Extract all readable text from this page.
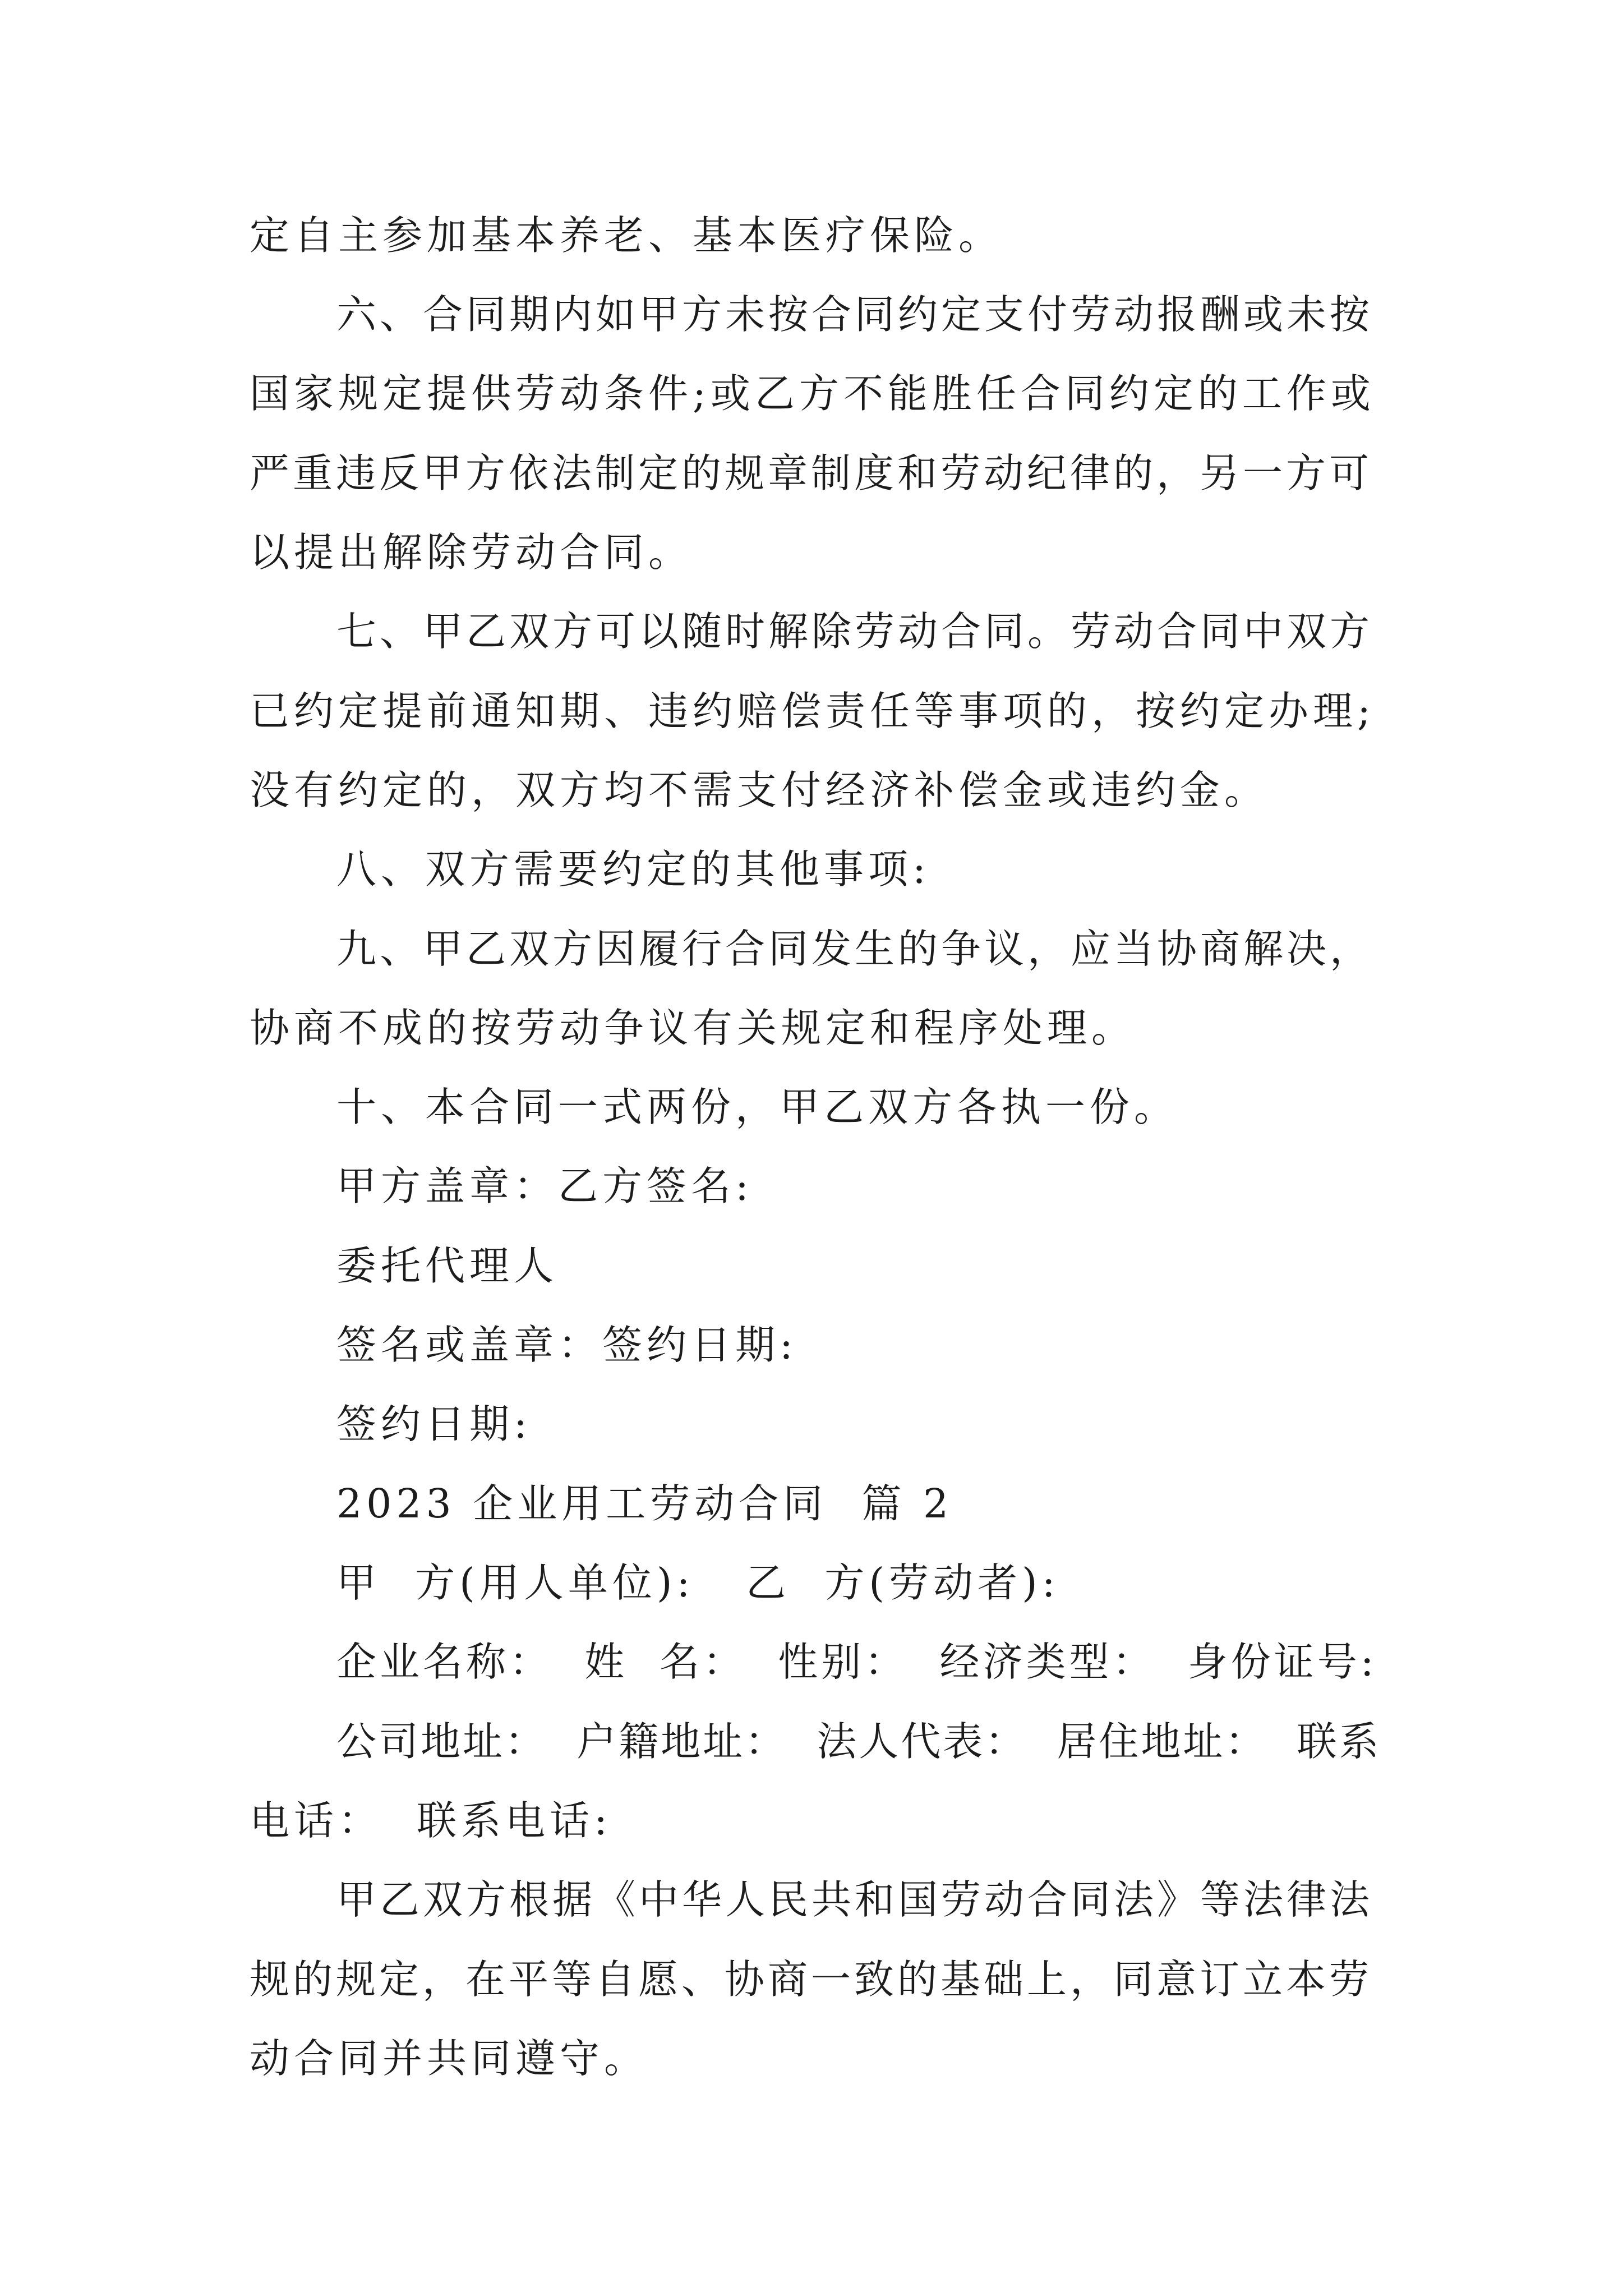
定自主参加基本养老、基本医疗保险。
六、合同期内如甲方未按合同约定支付劳动报酬或未按
国家规定提供劳动条件;或乙方不能胜任合同约定的工作或
严重违反甲方依法制定的规章制度和劳动纪律的，另一方可
以提出解除劳动合同。
七、甲乙双方可以随时解除劳动合同。劳动合同中双方
已约定提前通知期、违约赔偿责任等事项的，按约定办理;
没有约定的，双方均不需支付经济补偿金或违约金。
八、双方需要约定的其他事项:
九、甲乙双方因履行合同发生的争议，应当协商解决，
协商不成的按劳动争议有关规定和程序处理。
十、本合同一式两份，甲乙双方各执一份。
甲方盖章：乙方签名:
委托代理人
签名或盖章：签约日期:
签约日期:
2023 企业用工劳动合同  篇 2
甲  方(用人单位):   乙  方(劳动者):
企业名称：  姓  名：  性别：  经济类型：  身份证号:
公司地址：  户籍地址：  法人代表：  居住地址：  联系
电话：  联系电话:
甲乙双方根据《中华人民共和国劳动合同法》等法律法
规的规定，在平等自愿、协商一致的基础上，同意订立本劳
动合同并共同遵守。
